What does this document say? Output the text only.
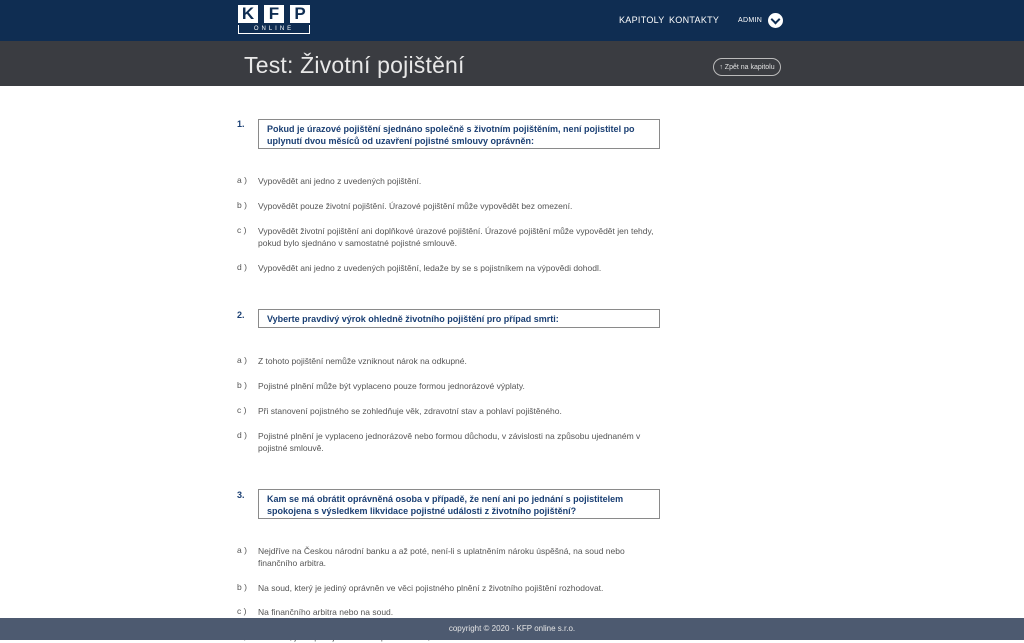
K F P
ONLINE
KAPITOLY KONTAKTY	ADMIN
Test: Životní pojištění	↑ Zpět na kapitolu
1.	Pokud je úrazové pojištění sjednáno společně s životním pojištěním, není pojistitel po uplynutí dvou měsíců od uzavření pojistné smlouvy oprávněn:
a ) Vypovědět ani jedno z uvedených pojištění.
b ) Vypovědět pouze životní pojištění. Úrazové pojištění může vypovědět bez omezení.
c ) Vypovědět životní pojištění ani doplňkové úrazové pojištění. Úrazové pojištění může vypovědět jen tehdy, pokud bylo sjednáno v samostatné pojistné smlouvě.
d ) Vypovědět ani jedno z uvedených pojištění, ledaže by se s pojistníkem na výpovědi dohodl.
2.	Vyberte pravdivý výrok ohledně životního pojištění pro případ smrti:
a ) Z tohoto pojištění nemůže vzniknout nárok na odkupné.
b ) Pojistné plnění může být vyplaceno pouze formou jednorázové výplaty.
c ) Při stanovení pojistného se zohledňuje věk, zdravotní stav a pohlaví pojištěného.
d ) Pojistné plnění je vyplaceno jednorázově nebo formou důchodu, v závislosti na způsobu ujednaném v pojistné smlouvě.
3.	Kam se má obrátit oprávněná osoba v případě, že není ani po jednání s pojistitelem spokojena s výsledkem likvidace pojistné události z životního pojištění?
a ) Nejdříve na Českou národní banku a až poté, není-li s uplatněním nároku úspěšná, na soud nebo finančního arbitra.
b ) Na soud, který je jediný oprávněn ve věci pojistného plnění z životního pojištění rozhodovat.
c ) Na finančního arbitra nebo na soud.
copyright © 2020 - KFP online s.r.o.
